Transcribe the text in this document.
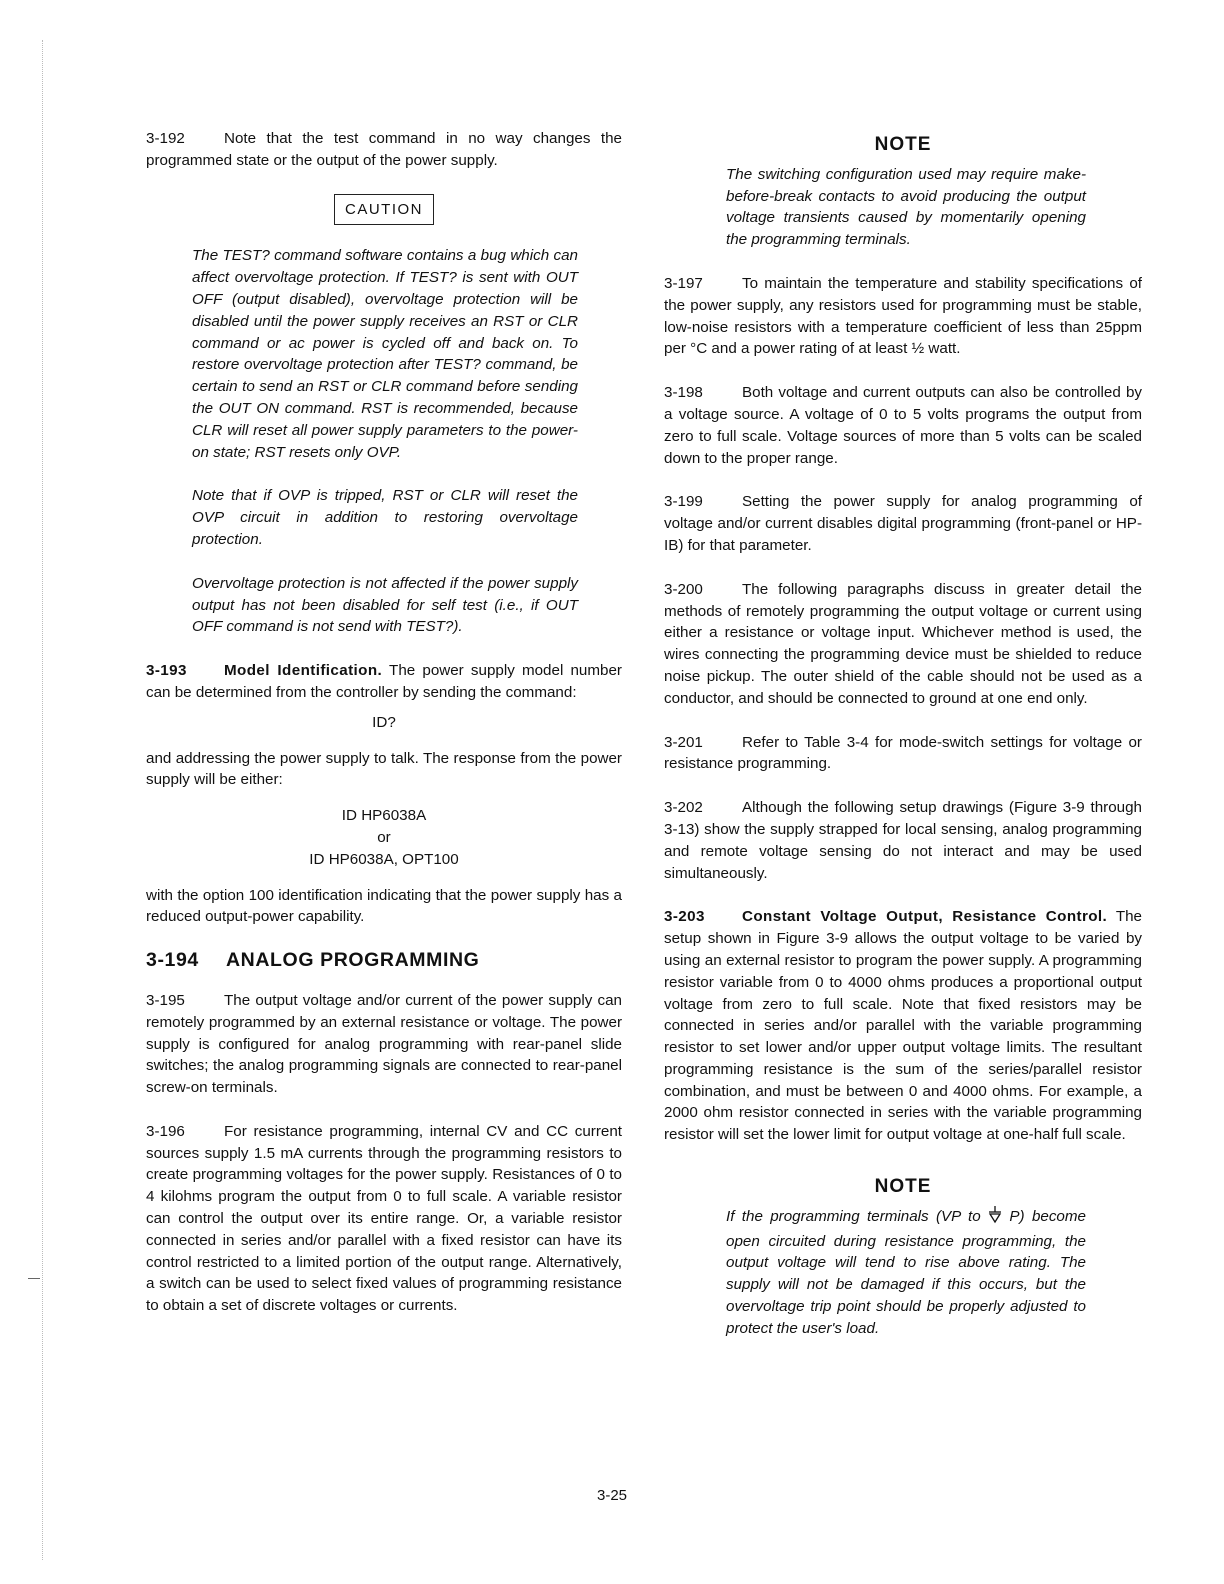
3-192	Note that the test command in no way changes the programmed state or the output of the power supply.

CAUTION

The TEST? command software contains a bug which can affect overvoltage protection. If TEST? is sent with OUT OFF (output disabled), overvoltage protection will be disabled until the power supply receives an RST or CLR command or ac power is cycled off and back on. To restore overvoltage protection after TEST? command, be certain to send an RST or CLR command before sending the OUT ON command. RST is recommended, because CLR will reset all power supply parameters to the power-on state; RST resets only OVP.

Note that if OVP is tripped, RST or CLR will reset the OVP circuit in addition to restoring overvoltage protection.

Overvoltage protection is not affected if the power supply output has not been disabled for self test (i.e., if OUT OFF command is not send with TEST?).

3-193 Model Identification. The power supply model number can be determined from the controller by sending the command:

ID?

and addressing the power supply to talk. The response from the power supply will be either:

ID HP6038A

or

ID HP6038A, OPT100

with the option 100 identification indicating that the power supply has a reduced output-power capability.

3-194 ANALOG PROGRAMMING

3-195	The output voltage and/or current of the power supply can remotely programmed by an external resistance or voltage. The power supply is configured for analog programming with rear-panel slide switches; the analog programming signals are connected to rear-panel screw-on terminals.

3-196	For resistance programming, internal CV and CC current sources supply 1.5 mA currents through the programming resistors to create programming voltages for the power supply. Resistances of 0 to 4 kilohms program the output from 0 to full scale. A variable resistor can control the output over its entire range. Or, a variable resistor connected in series and/or parallel with a fixed resistor can have its control restricted to a limited portion of the output range. Alternatively, a switch can be used to select fixed values of programming resistance to obtain a set of discrete voltages or currents.

NOTE

The switching configuration used may require make-before-break contacts to avoid producing the output voltage transients caused by momentarily opening the programming terminals.

3-197	To maintain the temperature and stability specifications of the power supply, any resistors used for programming must be stable, low-noise resistors with a temperature coefficient of less than 25ppm per °C and a power rating of at least ½ watt.

3-198	Both voltage and current outputs can also be controlled by a voltage source. A voltage of 0 to 5 volts programs the output from zero to full scale. Voltage sources of more than 5 volts can be scaled down to the proper range.

3-199	Setting the power supply for analog programming of voltage and/or current disables digital programming (front-panel or HP-IB) for that parameter.

3-200	The following paragraphs discuss in greater detail the methods of remotely programming the output voltage or current using either a resistance or voltage input. Whichever method is used, the wires connecting the programming device must be shielded to reduce noise pickup. The outer shield of the cable should not be used as a conductor, and should be connected to ground at one end only.

3-201	Refer to Table 3-4 for mode-switch settings for voltage or resistance programming.

3-202	Although the following setup drawings (Figure 3-9 through 3-13) show the supply strapped for local sensing, analog programming and remote voltage sensing do not interact and may be used simultaneously.

3-203 Constant Voltage Output, Resistance Control. The setup shown in Figure 3-9 allows the output voltage to be varied by using an external resistor to program the power supply. A programming resistor variable from 0 to 4000 ohms produces a proportional output voltage from zero to full scale. Note that fixed resistors may be connected in series and/or parallel with the variable programming resistor to set lower and/or upper output voltage limits. The resultant programming resistance is the sum of the series/parallel resistor combination, and must be between 0 and 4000 ohms. For example, a 2000 ohm resistor connected in series with the variable programming resistor will set the lower limit for output voltage at one-half full scale.

NOTE

If the programming terminals (VP to P) become open circuited during resistance programming, the output voltage will tend to rise above rating. The supply will not be damaged if this occurs, but the overvoltage trip point should be properly adjusted to protect the user's load.

3-25
